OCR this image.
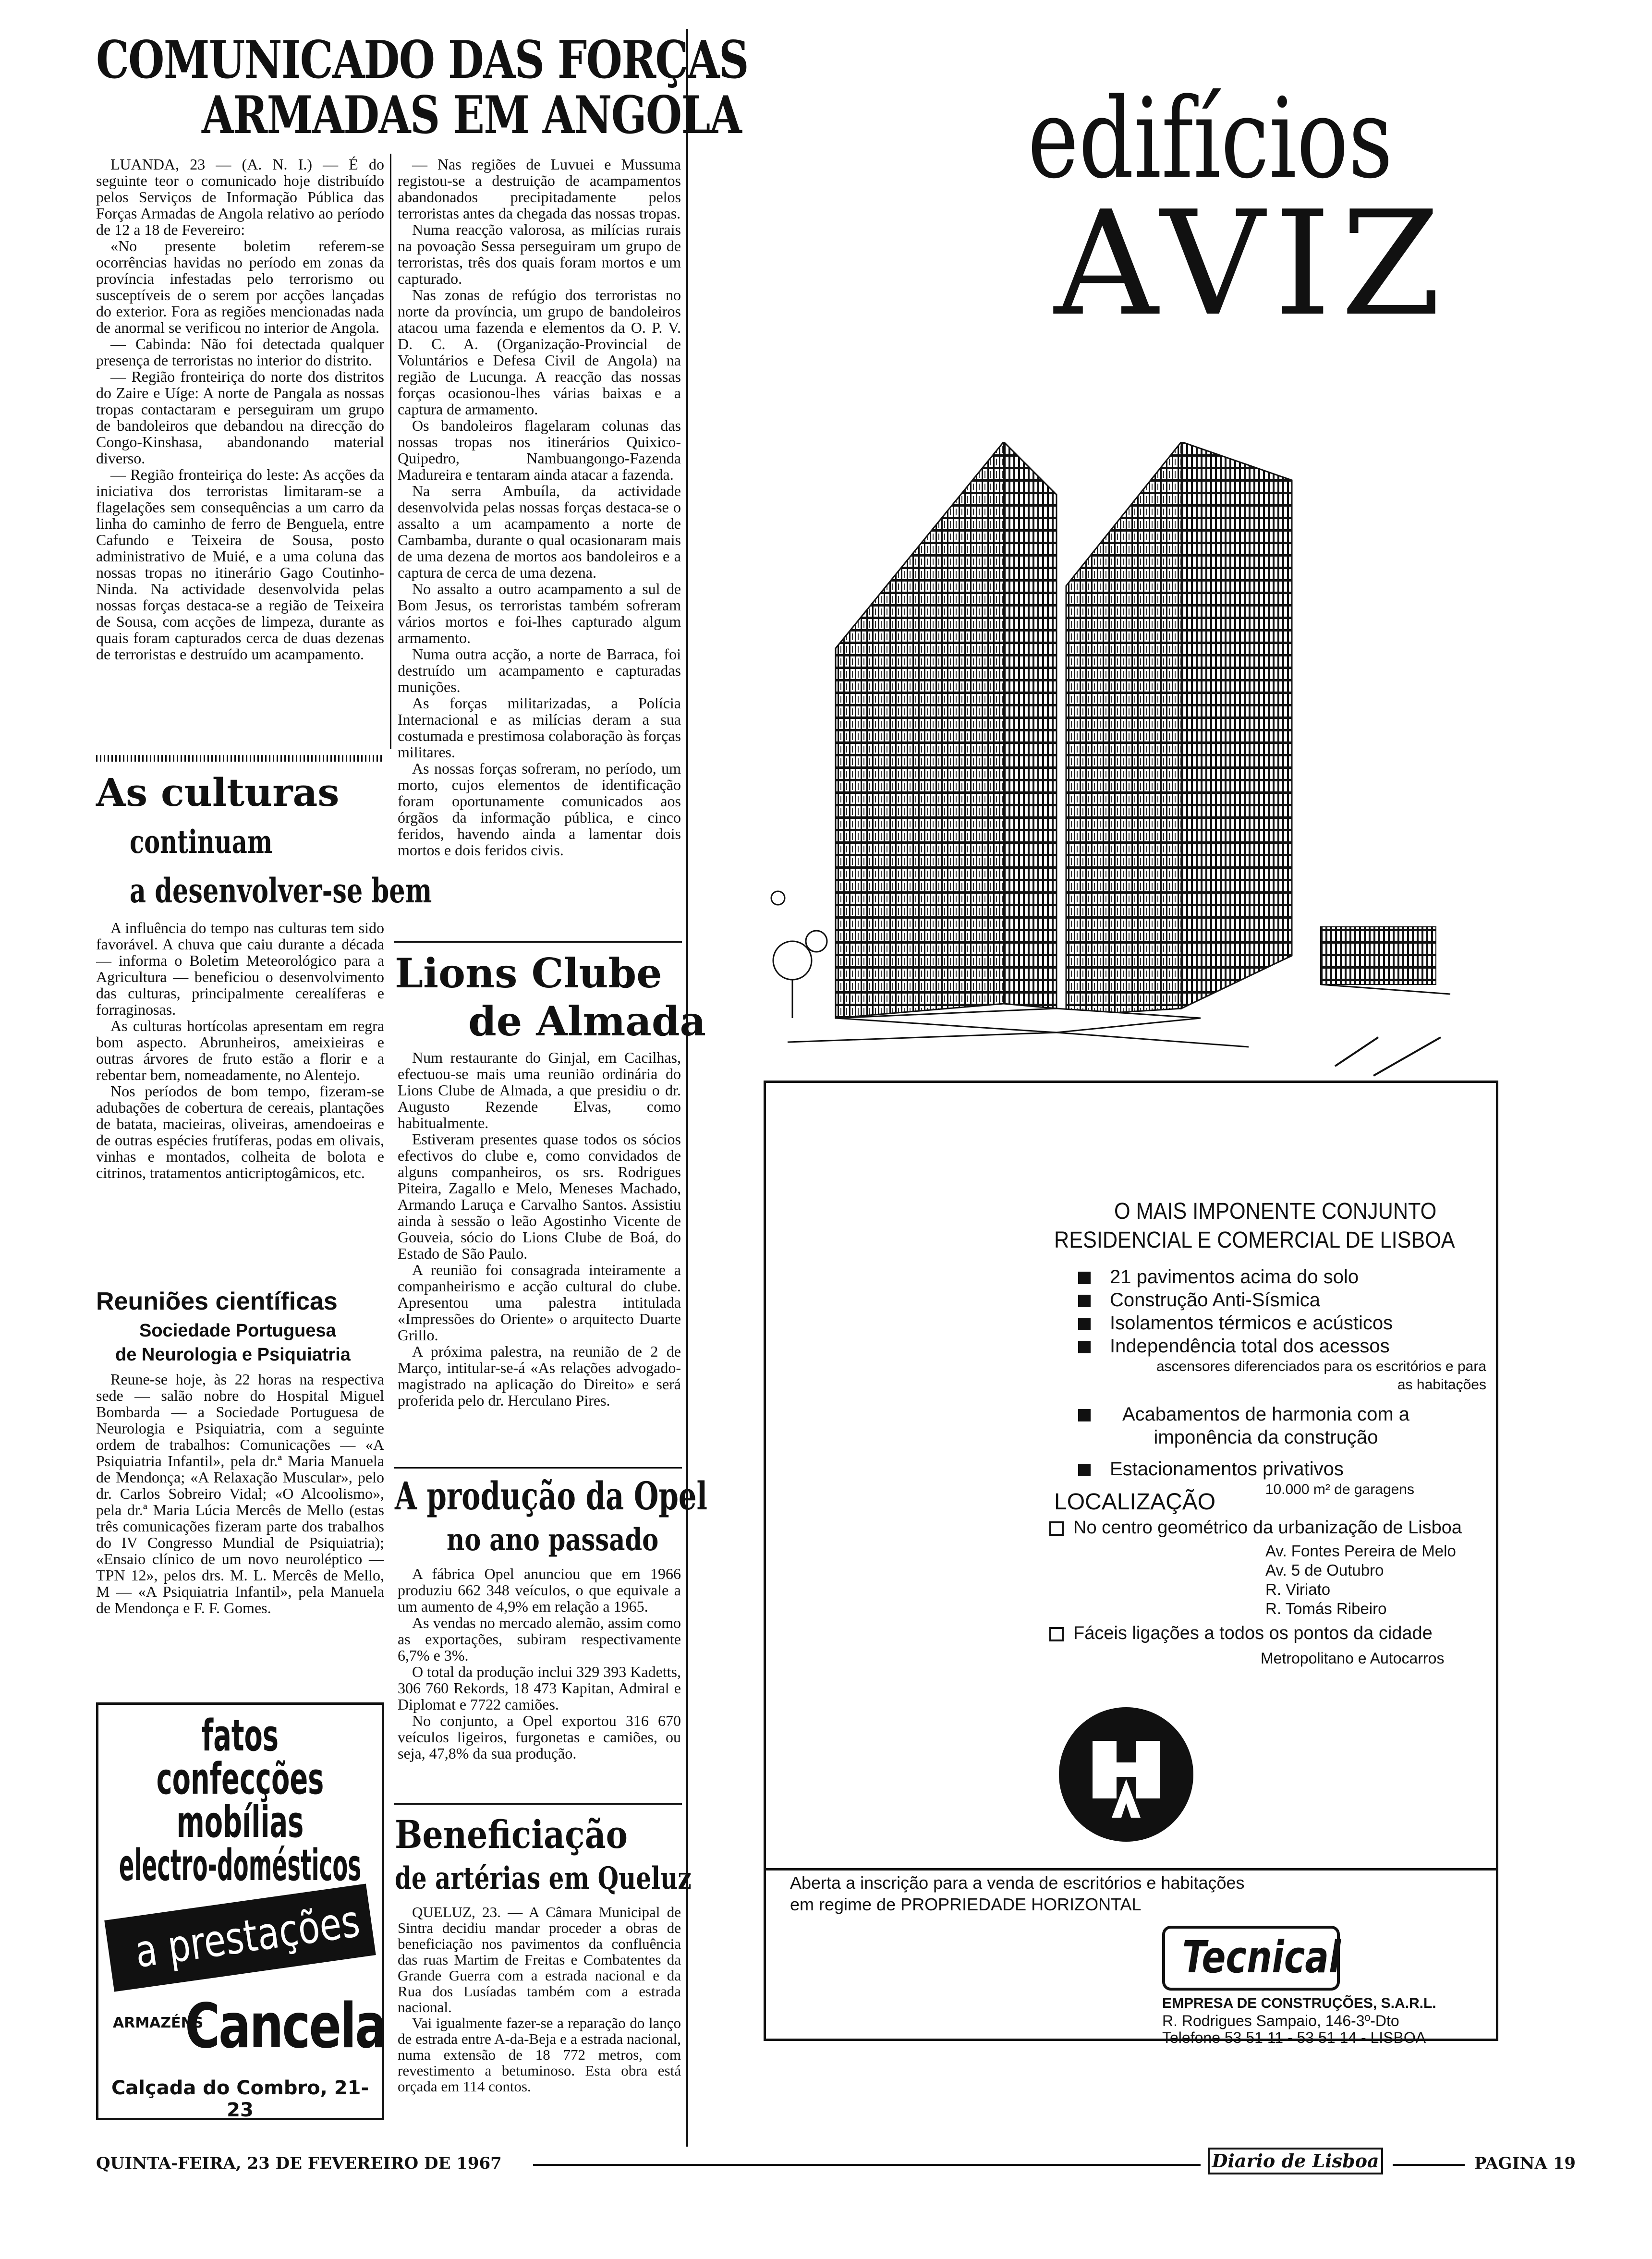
COMUNICADO DAS FORÇAS
ARMADAS EM ANGOLA

LUANDA, 23 — (A. N. I.) — É do seguinte teor o comunicado hoje distribuído pelos Serviços de Informação Pública das Forças Armadas de Angola relativo ao período de 12 a 18 de Fevereiro:

«No presente boletim referem-se ocorrências havidas no período em zonas da província infestadas pelo terrorismo ou susceptíveis de o serem por acções lançadas do exterior. Fora as regiões mencionadas nada de anormal se verificou no interior de Angola.

— Cabinda: Não foi detectada qualquer presença de terroristas no interior do distrito.

— Região fronteiriça do norte dos distritos do Zaire e Uíge: A norte de Pangala as nossas tropas contactaram e perseguiram um grupo de bandoleiros que debandou na direcção do Congo-Kinshasa, abandonando material diverso.

— Região fronteiriça do leste: As acções da iniciativa dos terroristas limitaram-se a flagelações sem consequências a um carro da linha do caminho de ferro de Benguela, entre Cafundo e Teixeira de Sousa, posto administrativo de Muié, e a uma coluna das nossas tropas no itinerário Gago Coutinho-Ninda. Na actividade desenvolvida pelas nossas forças destaca-se a região de Teixeira de Sousa, com acções de limpeza, durante as quais foram capturados cerca de duas dezenas de terroristas e destruído um acampamento.

— Nas regiões de Luvuei e Mussuma registou-se a destruição de acampamentos abandonados precipitadamente pelos terroristas antes da chegada das nossas tropas.

Numa reacção valorosa, as milícias rurais na povoação Sessa perseguiram um grupo de terroristas, três dos quais foram mortos e um capturado.

Nas zonas de refúgio dos terroristas no norte da província, um grupo de bandoleiros atacou uma fazenda e elementos da O. P. V. D. C. A. (Organização-Provincial de Voluntários e Defesa Civil de Angola) na região de Lucunga. A reacção das nossas forças ocasionou-lhes várias baixas e a captura de armamento.

Os bandoleiros flagelaram colunas das nossas tropas nos itinerários Quixico-Quipedro, Nambuangongo-Fazenda Madureira e tentaram ainda atacar a fazenda.

Na serra Ambuíla, da actividade desenvolvida pelas nossas forças destaca-se o assalto a um acampamento a norte de Cambamba, durante o qual ocasionaram mais de uma dezena de mortos aos bandoleiros e a captura de cerca de uma dezena.

No assalto a outro acampamento a sul de Bom Jesus, os terroristas também sofreram vários mortos e foi-lhes capturado algum armamento.

Numa outra acção, a norte de Barraca, foi destruído um acampamento e capturadas munições.

As forças militarizadas, a Polícia Internacional e as milícias deram a sua costumada e prestimosa colaboração às forças militares.

As nossas forças sofreram, no período, um morto, cujos elementos de identificação foram oportunamente comunicados aos órgãos da informação pública, e cinco feridos, havendo ainda a lamentar dois mortos e dois feridos civis.

As culturas
continuam
a desenvolver-se bem

A influência do tempo nas culturas tem sido favorável. A chuva que caiu durante a década — informa o Boletim Meteorológico para a Agricultura — beneficiou o desenvolvimento das culturas, principalmente cerealíferas e forraginosas.

As culturas hortícolas apresentam em regra bom aspecto. Abrunheiros, ameixieiras e outras árvores de fruto estão a florir e a rebentar bem, nomeadamente, no Alentejo.

Nos períodos de bom tempo, fizeram-se adubações de cobertura de cereais, plantações de batata, macieiras, oliveiras, amendoeiras e de outras espécies frutíferas, podas em olivais, vinhas e montados, colheita de bolota e citrinos, tratamentos anticriptogâmicos, etc.

Reuniões científicas
Sociedade Portuguesa
de Neurologia e Psiquiatria

Reune-se hoje, às 22 horas na respectiva sede — salão nobre do Hospital Miguel Bombarda — a Sociedade Portuguesa de Neurologia e Psiquiatria, com a seguinte ordem de trabalhos: Comunicações — «A Psiquiatria Infantil», pela dr.ª Maria Manuela de Mendonça; «A Relaxação Muscular», pelo dr. Carlos Sobreiro Vidal; «O Alcoolismo», pela dr.ª Maria Lúcia Mercês de Mello (estas três comunicações fizeram parte dos trabalhos do IV Congresso Mundial de Psiquiatria); «Ensaio clínico de um novo neuroléptico — TPN 12», pelos drs. M. L. Mercês de Mello, M — «A Psiquiatria Infantil», pela Manuela de Mendonça e F. F. Gomes.

fatos
confecções
mobílias
electro-domésticos
a prestações
ARMAZÉNS
Cancela
Calçada do Combro, 21-23
Lions Clube
de Almada

Num restaurante do Ginjal, em Cacilhas, efectuou-se mais uma reunião ordinária do Lions Clube de Almada, a que presidiu o dr. Augusto Rezende Elvas, como habitualmente.

Estiveram presentes quase todos os sócios efectivos do clube e, como convidados de alguns companheiros, os srs. Rodrigues Piteira, Zagallo e Melo, Meneses Machado, Armando Laruça e Carvalho Santos. Assistiu ainda à sessão o leão Agostinho Vicente de Gouveia, sócio do Lions Clube de Boá, do Estado de São Paulo.

A reunião foi consagrada inteiramente a companheirismo e acção cultural do clube. Apresentou uma palestra intitulada «Impressões do Oriente» o arquitecto Duarte Grillo.

A próxima palestra, na reunião de 2 de Março, intitular-se-á «As relações advogado-magistrado na aplicação do Direito» e será proferida pelo dr. Herculano Pires.

A produção da Opel
no ano passado

A fábrica Opel anunciou que em 1966 produziu 662 348 veículos, o que equivale a um aumento de 4,9% em relação a 1965.

As vendas no mercado alemão, assim como as exportações, subiram respectivamente 6,7% e 3%.

O total da produção inclui 329 393 Kadetts, 306 760 Rekords, 18 473 Kapitan, Admiral e Diplomat e 7722 camiões.

No conjunto, a Opel exportou 316 670 veículos ligeiros, furgonetas e camiões, ou seja, 47,8% da sua produção.

Beneficiação
de artérias em Queluz

QUELUZ, 23. — A Câmara Municipal de Sintra decidiu mandar proceder a obras de beneficiação nos pavimentos da confluência das ruas Martim de Freitas e Combatentes da Grande Guerra com a estrada nacional e da Rua dos Lusíadas também com a estrada nacional.

Vai igualmente fazer-se a reparação do lanço de estrada entre A-da-Beja e a estrada nacional, numa extensão de 18 772 metros, com revestimento a betuminoso. Esta obra está orçada em 114 contos.

edifícios
AVIZ
O MAIS IMPONENTE CONJUNTO
RESIDENCIAL E COMERCIAL DE LISBOA
21 pavimentos acima do solo
Construção Anti-Sísmica
Isolamentos térmicos e acústicos
Independência total dos acessos
ascensores diferenciados para os escritórios e para as habitações
Acabamentos de harmonia com a imponência da construção
Estacionamentos privativos
10.000 m² de garagens
LOCALIZAÇÃO
No centro geométrico da urbanização de Lisboa
Av. Fontes Pereira de Melo
Av. 5 de Outubro
R. Viriato
R. Tomás Ribeiro
Fáceis ligações a todos os pontos da cidade
Metropolitano e Autocarros
Aberta a inscrição para a venda de escritórios e habitações
em regime de PROPRIEDADE HORIZONTAL
Tecnical
EMPRESA DE CONSTRUÇÕES, S.A.R.L.
R. Rodrigues Sampaio, 146-3º-Dto
Telefone 53 51 11 - 53 51 14 - LISBOA
QUINTA-FEIRA, 23 DE FEVEREIRO DE 1967	Diario de Lisboa	PAGINA 19
